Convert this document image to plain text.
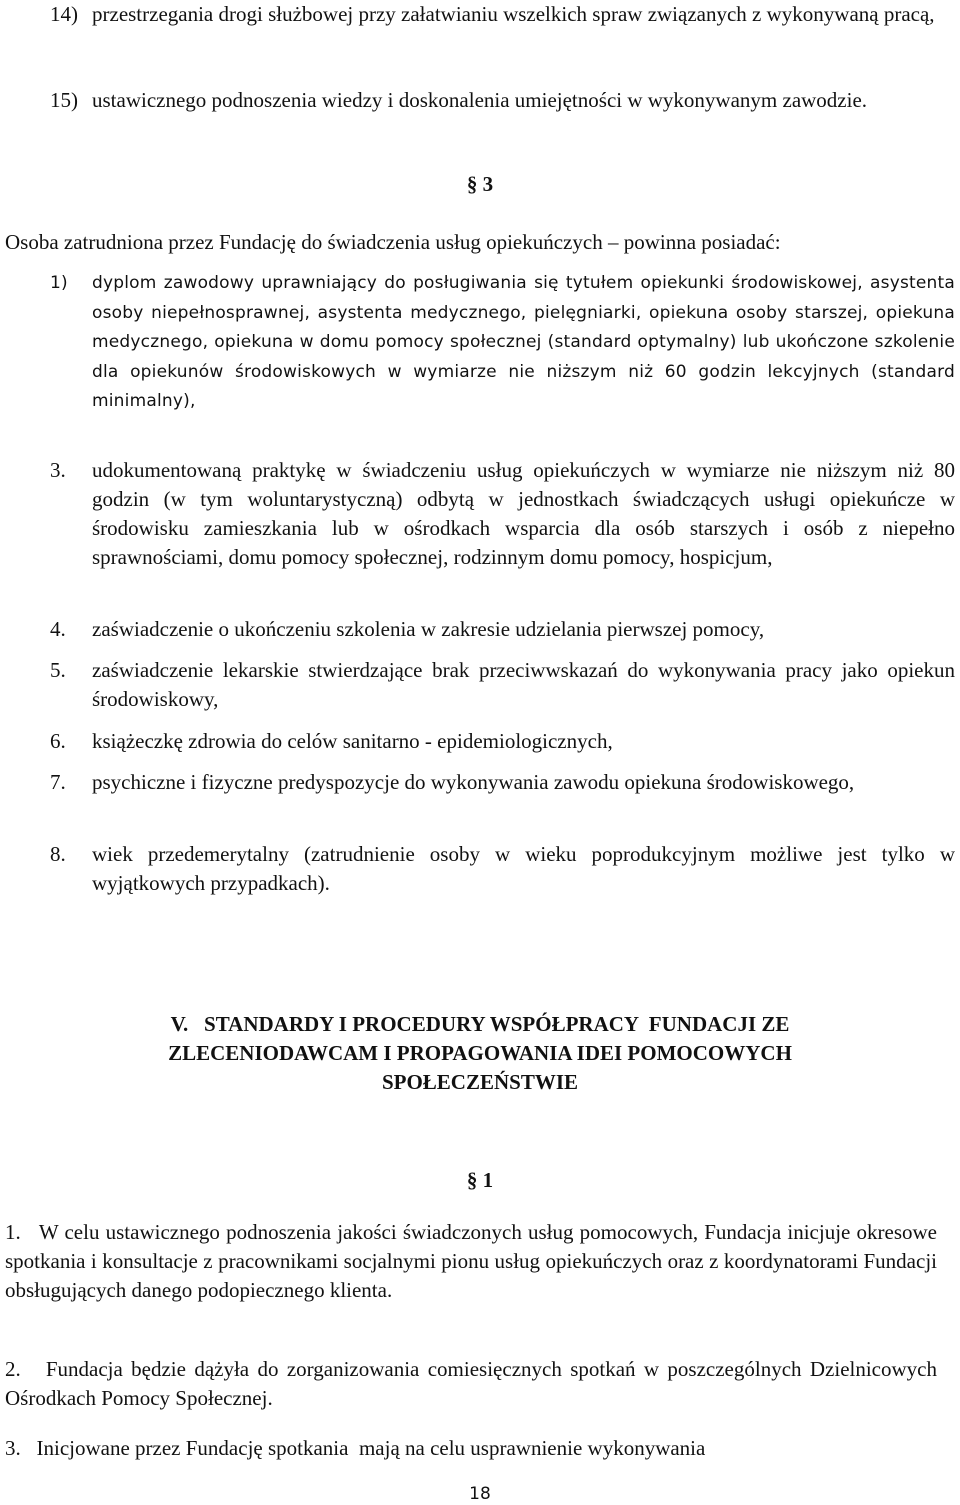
14) przestrzegania drogi służbowej przy załatwianiu wszelkich spraw związanych z wykonywaną pracą,
15) ustawicznego podnoszenia wiedzy i doskonalenia umiejętności w wykonywanym zawodzie.
§ 3
Osoba zatrudniona przez Fundację do świadczenia usług opiekuńczych – powinna posiadać:
1) dyplom zawodowy uprawniający do posługiwania się tytułem opiekunki środowiskowej, asystenta osoby niepełnosprawnej, asystenta medycznego, pielęgniarki, opiekuna osoby starszej, opiekuna medycznego, opiekuna w domu pomocy społecznej (standard optymalny) lub ukończone szkolenie dla opiekunów środowiskowych w wymiarze nie niższym niż 60 godzin lekcyjnych (standard minimalny),
3. udokumentowaną praktykę w świadczeniu usług opiekuńczych w wymiarze nie niższym niż 80 godzin (w tym woluntarystyczną) odbytą w jednostkach świadczących usługi opiekuńcze w środowisku zamieszkania lub w ośrodkach wsparcia dla osób starszych i osób z niepełno sprawnościami, domu pomocy społecznej, rodzinnym domu pomocy, hospicjum,
4. zaświadczenie o ukończeniu szkolenia w zakresie udzielania pierwszej pomocy,
5. zaświadczenie lekarskie stwierdzające brak przeciwwskazań do wykonywania pracy jako opiekun środowiskowy,
6. książeczkę zdrowia do celów sanitarno - epidemiologicznych,
7. psychiczne i fizyczne predyspozycje do wykonywania zawodu opiekuna środowiskowego,
8. wiek przedemerytalny (zatrudnienie osoby w wieku poprodukcyjnym możliwe jest tylko w wyjątkowych przypadkach).
V.   STANDARDY I PROCEDURY WSPÓŁPRACY  FUNDACJI ZE
ZLECENIODAWCAM I PROPAGOWANIA IDEI POMOCOWYCH
SPOŁECZEŃSTWIE
§ 1
1.   W celu ustawicznego podnoszenia jakości świadczonych usług pomocowych, Fundacja inicjuje okresowe spotkania i konsultacje z pracownikami socjalnymi pionu usług opiekuńczych oraz z koordynatorami Fundacji obsługujących danego podopiecznego klienta.
2.   Fundacja będzie dążyła do zorganizowania comiesięcznych spotkań w poszczególnych Dzielnicowych Ośrodkach Pomocy Społecznej.
3.   Inicjowane przez Fundację spotkania  mają na celu usprawnienie wykonywania
18
